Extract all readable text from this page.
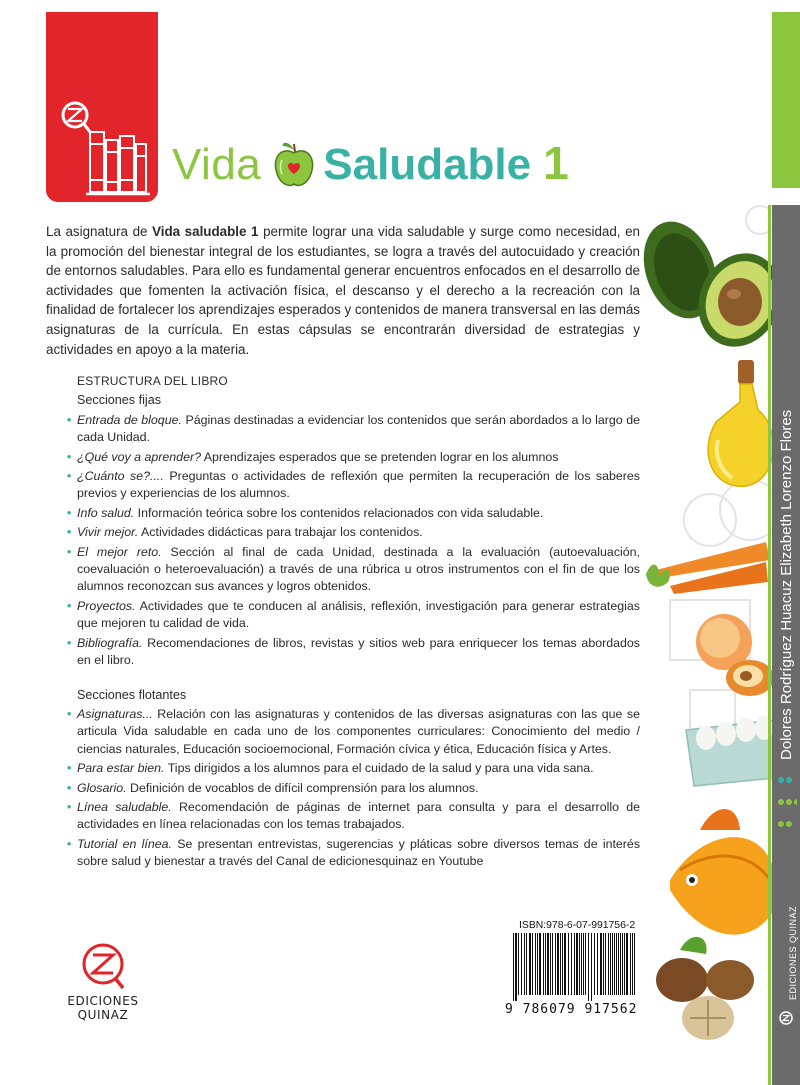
Vida Saludable 1

La asignatura de Vida saludable 1 permite lograr una vida saludable y surge como necesidad, en la promoción del bienestar integral de los estudiantes, se logra a través del autocuidado y creación de entornos saludables. Para ello es fundamental generar encuentros enfocados en el desarrollo de actividades que fomenten la activación física, el descanso y el derecho a la recreación con la finalidad de fortalecer los aprendizajes esperados y contenidos de manera transversal en las demás asignaturas de la currícula. En estas cápsulas se encontrarán diversidad de estrategias y actividades en apoyo a la materia.

ESTRUCTURA DEL LIBRO
Secciones fijas
• Entrada de bloque. Páginas destinadas a evidenciar los contenidos que serán abordados a lo largo de cada Unidad.
• ¿Qué voy a aprender? Aprendizajes esperados que se pretenden lograr en los alumnos
• ¿Cuánto se?.... Preguntas o actividades de reflexión que permiten la recuperación de los saberes previos y experiencias de los alumnos.
• Info salud. Información teórica sobre los contenidos relacionados con vida saludable.
• Vivir mejor. Actividades didácticas para trabajar los contenidos.
• El mejor reto. Sección al final de cada Unidad, destinada a la evaluación (autoevaluación, coevaluación o heteroevaluación) a través de una rúbrica u otros instrumentos con el fin de que los alumnos reconozcan sus avances y logros obtenidos.
• Proyectos. Actividades que te conducen al análisis, reflexión, investigación para generar estrategias que mejoren tu calidad de vida.
• Bibliografía. Recomendaciones de libros, revistas y sitios web para enriquecer los temas abordados en el libro.
Secciones flotantes
• Asignaturas... Relación con las asignaturas y contenidos de las diversas asignaturas con las que se articula Vida saludable en cada uno de los componentes curriculares: Conocimiento del medio / ciencias naturales, Educación socioemocional, Formación cívica y ética, Educación física y Artes.
• Para estar bien. Tips dirigidos a los alumnos para el cuidado de la salud y para una vida sana.
• Glosario. Definición de vocablos de difícil comprensión para los alumnos.
• Línea saludable. Recomendación de páginas de internet para consulta y para el desarrollo de actividades en línea relacionadas con los temas trabajados.
• Tutorial en línea. Se presentan entrevistas, sugerencias y pláticas sobre diversos temas de interés sobre salud y bienestar a través del Canal de edicionesquinaz en Youtube
Dolores Rodríguez Huacuz Elizabeth Lorenzo Flores
EDICIONES QUINAZ
EDICIONES QUINAZ
ISBN:978-6-07-991756-2
9 786079 917562
